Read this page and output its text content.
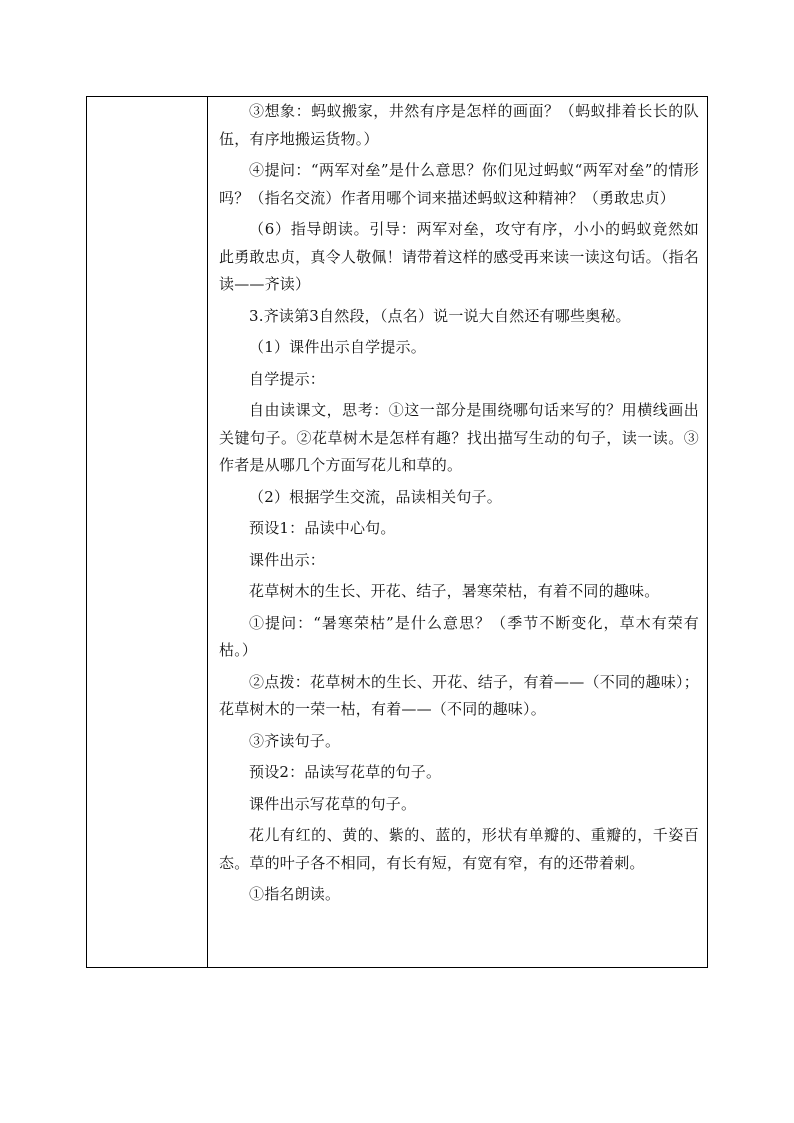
③想象：蚂蚁搬家，井然有序是怎样的画面？（蚂蚁排着长长的队伍，有序地搬运货物。）

④提问：“两军对垒”是什么意思？你们见过蚂蚁“两军对垒”的情形吗？（指名交流）作者用哪个词来描述蚂蚁这种精神？（勇敢忠贞）

（6）指导朗读。引导：两军对垒，攻守有序，小小的蚂蚁竟然如此勇敢忠贞，真令人敬佩！请带着这样的感受再来读一读这句话。（指名读——齐读）

3.齐读第3自然段，（点名）说一说大自然还有哪些奥秘。

（1）课件出示自学提示。

自学提示：

自由读课文，思考：①这一部分是围绕哪句话来写的？用横线画出关键句子。②花草树木是怎样有趣？找出描写生动的句子，读一读。③作者是从哪几个方面写花儿和草的。

（2）根据学生交流，品读相关句子。

预设1：品读中心句。

课件出示：

花草树木的生长、开花、结子，暑寒荣枯，有着不同的趣味。

①提问：“暑寒荣枯”是什么意思？（季节不断变化，草木有荣有枯。）

②点拨：花草树木的生长、开花、结子，有着——（不同的趣味）；花草树木的一荣一枯，有着——（不同的趣味）。

③齐读句子。

预设2：品读写花草的句子。

课件出示写花草的句子。

花儿有红的、黄的、紫的、蓝的，形状有单瓣的、重瓣的，千姿百态。草的叶子各不相同，有长有短，有宽有窄，有的还带着刺。

①指名朗读。
